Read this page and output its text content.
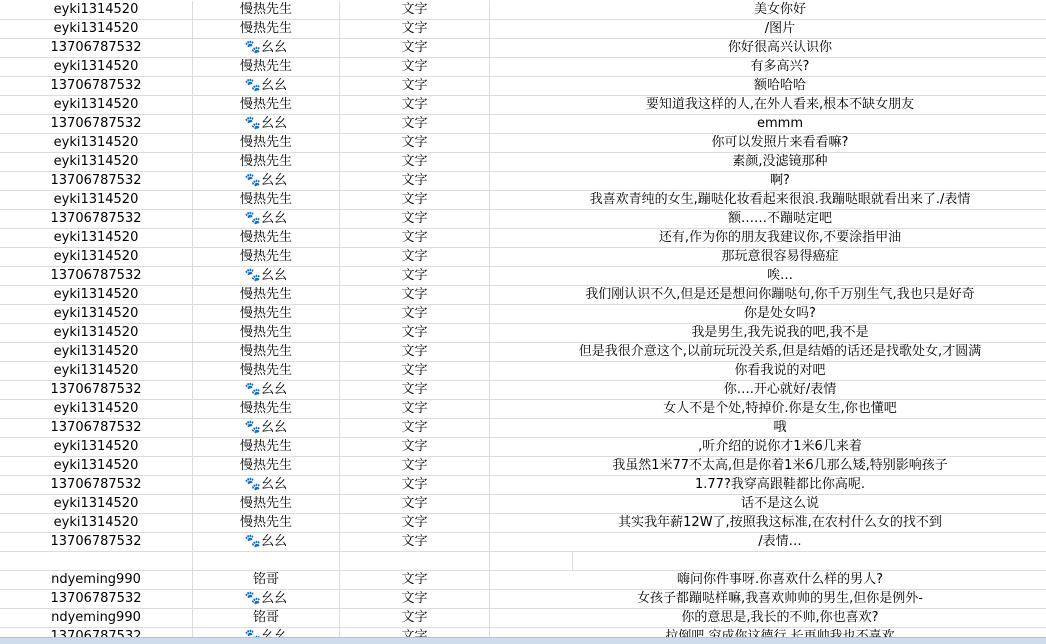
eyki1314520	慢热先生	文字	美女你好
eyki1314520	慢热先生	文字	/图片
13706787532	🐾幺幺	文字	你好很高兴认识你
eyki1314520	慢热先生	文字	有多高兴?
13706787532	🐾幺幺	文字	额哈哈哈
eyki1314520	慢热先生	文字	要知道我这样的人,在外人看来,根本不缺女朋友
13706787532	🐾幺幺	文字	emmm
eyki1314520	慢热先生	文字	你可以发照片来看看嘛?
eyki1314520	慢热先生	文字	素颜,没滤镜那种
13706787532	🐾幺幺	文字	啊?
eyki1314520	慢热先生	文字	我喜欢青纯的女生,蹦哒化妆看起来很浪.我蹦哒眼就看出来了./表情
13706787532	🐾幺幺	文字	额……不蹦哒定吧
eyki1314520	慢热先生	文字	还有,作为你的朋友我建议你,不要涂指甲油
eyki1314520	慢热先生	文字	那玩意很容易得癌症
13706787532	🐾幺幺	文字	唉…
eyki1314520	慢热先生	文字	我们刚认识不久,但是还是想问你蹦哒句,你千万别生气,我也只是好奇
eyki1314520	慢热先生	文字	你是处女吗?
eyki1314520	慢热先生	文字	我是男生,我先说我的吧,我不是
eyki1314520	慢热先生	文字	但是我很介意这个,以前玩玩没关系,但是结婚的话还是找歌处女,才圆满
eyki1314520	慢热先生	文字	你看我说的对吧
13706787532	🐾幺幺	文字	你….开心就好/表情
eyki1314520	慢热先生	文字	女人不是个处,特掉价.你是女生,你也懂吧
13706787532	🐾幺幺	文字	哦
eyki1314520	慢热先生	文字	,听介绍的说你才1米6几来着
eyki1314520	慢热先生	文字	我虽然1米77不太高,但是你着1米6几那么矮,特别影响孩子
13706787532	🐾幺幺	文字	1.77?我穿高跟鞋都比你高呢.
eyki1314520	慢热先生	文字	话不是这么说
eyki1314520	慢热先生	文字	其实我年薪12W了,按照我这标准,在农村什么女的找不到
13706787532	🐾幺幺	文字	/表情…
ndyeming990	铭哥	文字	嗨问你件事呀.你喜欢什么样的男人?
13706787532	🐾幺幺	文字	女孩子都蹦哒样嘛,我喜欢帅帅的男生,但你是例外-
ndyeming990	铭哥	文字	你的意思是,我长的不帅,你也喜欢?
